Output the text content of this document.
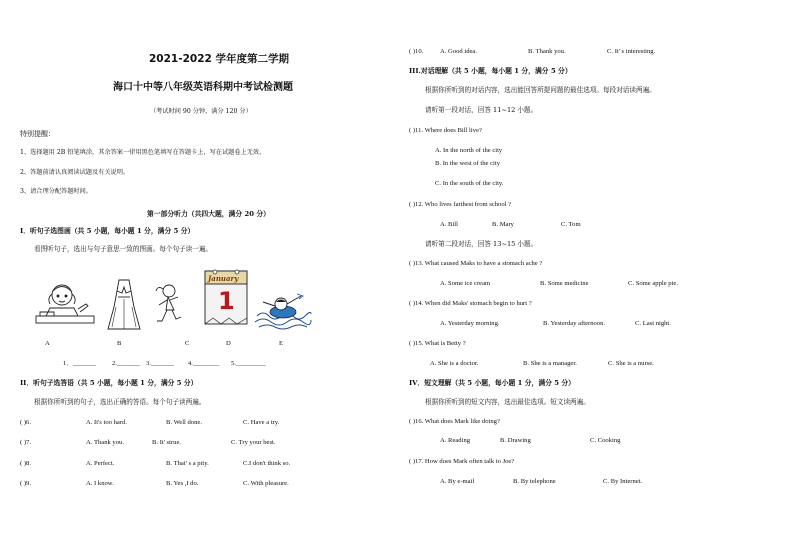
2021-2022 学年度第二学期
海口十中等八年级英语科期中考试检测题
（考试时间 90 分钟，满分 120 分）
特别提醒：
1、选择题用 2B 铅笔填涂，其余答案一律用黑色笔填写在答题卡上，写在试题卷上无效。
2、答题前请认真阅读试题及有关说明。
3、请合理分配答题时间。
第一部分听力（共四大题，满分 20 分）
Ⅰ．听句子选图画（共 5 小题，每小题 1 分，满分 5 分）
看图听句子，选出与句子意思一致的图画。每个句子读一遍。
January
1
A	B	C	D	E
1．_______ 2._______ 3._______ 4.________ 5._________
II．听句子选答语（共 5 小题，每小题 1 分，满分 5 分）
根据你所听到的句子，选出正确的答语。每个句子读两遍。
( )6.	A. It's too hard.	B. Well done.	C. Have a try.
( )7.	A. Thank you.	B. It' strue.	C. Try your best.
( )8.	A. Perfect.	B. That' s a pity.	C.I don't think so.
( )9.	A. I know.	B. Yes ,I do.	C. With pleasure.
( )10.	A. Good idea.	B. Thank you.	C. It' s interesting.
III.对话理解（共 5 小题，每小题 1 分，满分 5 分）
根据你所听到的对话内容，选出能回答所提问题的最佳选项。每段对话读两遍。
请听第一段对话，回答 11~12 小题。
( )11. Where does Bill live?
A. In the north of the city
B. In the west of the city
C. In the south of the city.
( )12. Who lives farthest from school ?
A. Bill	B. Mary	C. Tom
请听第二段对话，回答 13~15 小题。
( )13. What caused Maks to have a stomach ache ?
A. Some ice cream	B. Some medicine	C. Some apple pie.
( )14. When did Maks' stomach begin to hurt ?
A. Yesterday morning.	B. Yesterday afternoon.	C. Last night.
( )15. What is Betty ?
A. She is a doctor.	B. She is a manager.	C. She is a nurse.
IV．短文理解（共 5 小题，每小题 1 分，满分 5 分）
根据你所听到的短文内容，选出最佳选项。短文读两遍。
( )16. What does Mark like doing?
A. Reading	B. Drawing	C. Cooking
( )17. How does Mark often talk to Joe?
A. By e-mail	B. By telephone	C. By Internet.
